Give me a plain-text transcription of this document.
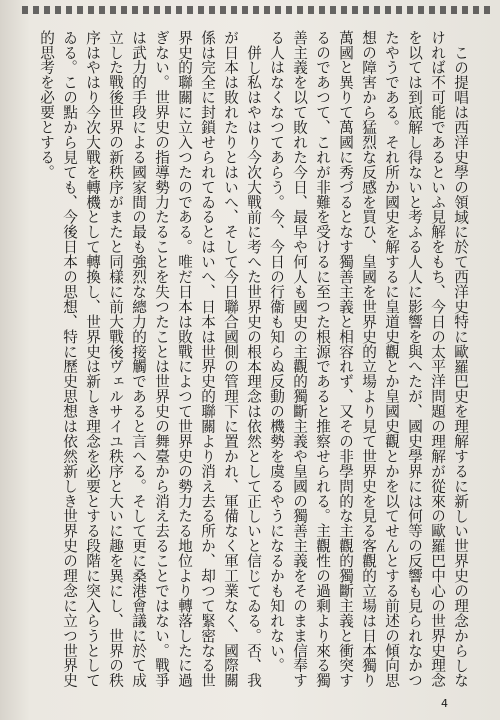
この提唱は西洋史學の領域に於て西洋史特に歐羅巴史を理解するに新しい世界史の理念からしなければ不可能であるといふ見解をもち、今日の太平洋問題の理解が從來の歐羅巴中心の世界史理念を以ては到底解し得ないと考ふる人人に影響を與へたが、國史學界には何等の反響も見られなかつたやうである。それ所か國史を解するに皇道史觀とか皇國史觀とかを以てせんとする前述の傾向思想の障害から猛烈な反感を買ひ、皇國を世界史的立場より見て世界史を見る客觀的立場は日本獨り萬國と異りて萬國に秀づるとなす獨善主義と相容れず、又その非學問的な主觀的獨斷主義と衝突するのであつて、これが非難を受けるに至つた根源であると推察せられる。主觀性の過剩より來る獨善主義を以て敗れた今日、最早や何人も國史の主觀的獨斷主義や皇國の獨善主義をそのまま信奉する人はなくなつてあらう。今、今日の行衞も知らぬ反動の機勢を虞るやうになるかも知れない。

併し私はやはり今次大戰前に考へた世界史の根本理念は依然として正しいと信じてゐる。否、我が日本は敗れたりとはいへ、そして今日聯合國側の管理下に置かれ、軍備なく軍工業なく、國際關係は完全に封鎖せられてゐるとはいへ、日本は世界史的聯關より消え去る所か、却つて緊密なる世界史的聯關に立入つたのである。唯だ日本は敗戰によつて世界史の勢力たる地位より轉落したに過ぎない。世界史の指導勢力たることを失つたことは世界史の舞臺から消え去ることではない。戰爭は武力的手段による國家間の最も強烈な總力的接觸であると言へる。そして更に桑港會議に於て成立した戰後世界の新秩序がまたと同樣に前大戰後ヴェルサイユ秩序と大いに趣を異にし、世界の秩序はやはり今次大戰を轉機として轉換し、世界史は新しき理念を必要とする段階に突入らうとしてゐる。この點から見ても、今後日本の思想、特に歷史思想は依然新しき世界史の理念に立つ世界史的思考を必要とする。

4
